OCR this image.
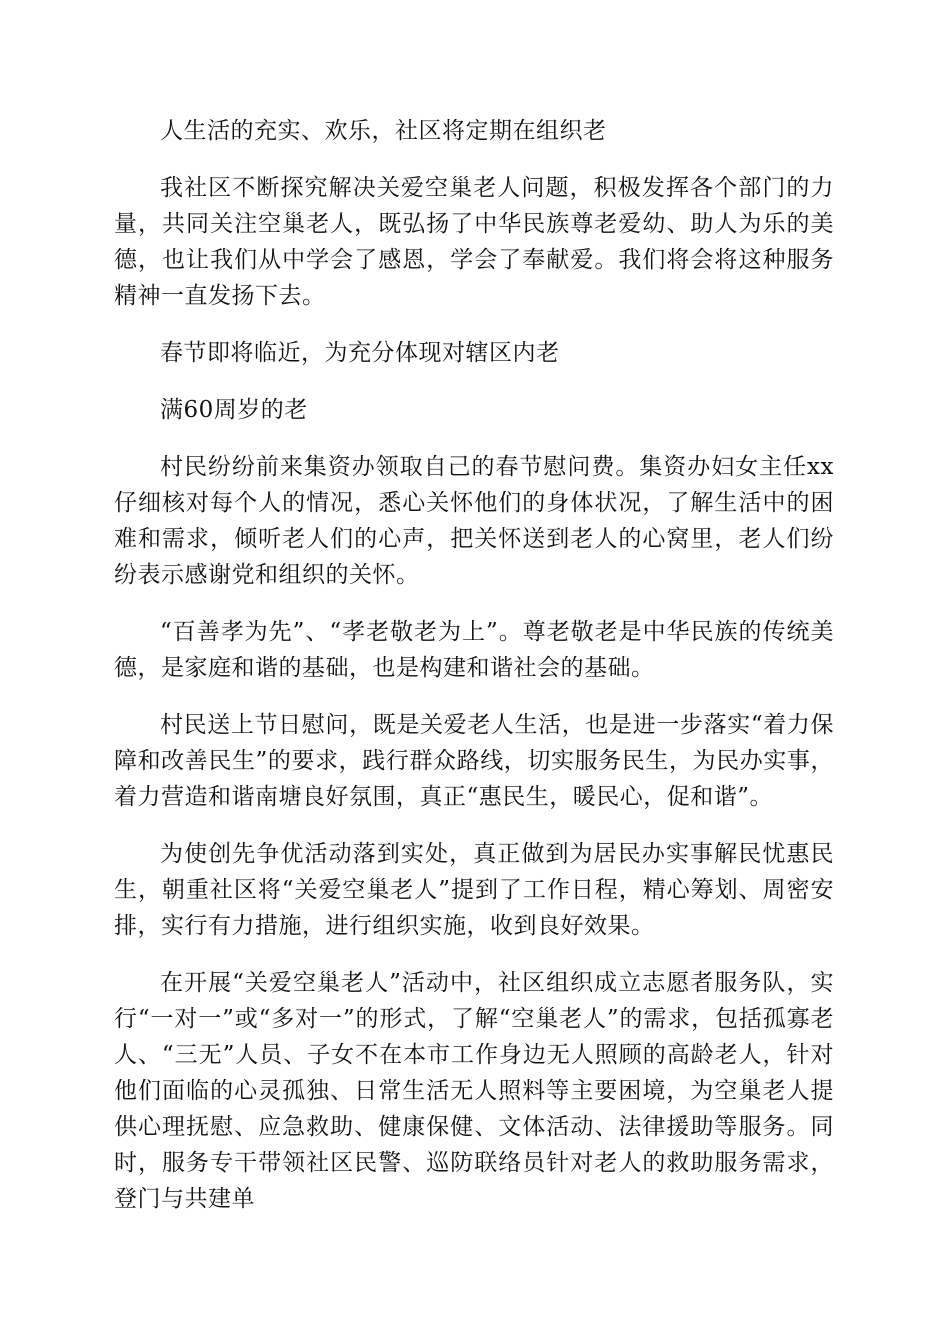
人生活的充实、欢乐，社区将定期在组织老

我社区不断探究解决关爱空巢老人问题，积极发挥各个部门的力量，共同关注空巢老人，既弘扬了中华民族尊老爱幼、助人为乐的美德，也让我们从中学会了感恩，学会了奉献爱。我们将会将这种服务精神一直发扬下去。

春节即将临近，为充分体现对辖区内老

满60周岁的老

村民纷纷前来集资办领取自己的春节慰问费。集资办妇女主任xx仔细核对每个人的情况，悉心关怀他们的身体状况，了解生活中的困难和需求，倾听老人们的心声，把关怀送到老人的心窝里，老人们纷纷表示感谢党和组织的关怀。

“百善孝为先”、“孝老敬老为上”。尊老敬老是中华民族的传统美德，是家庭和谐的基础，也是构建和谐社会的基础。

村民送上节日慰问，既是关爱老人生活，也是进一步落实“着力保障和改善民生”的要求，践行群众路线，切实服务民生，为民办实事，着力营造和谐南塘良好氛围，真正“惠民生，暖民心，促和谐”。

为使创先争优活动落到实处，真正做到为居民办实事解民忧惠民生，朝重社区将“关爱空巢老人”提到了工作日程，精心筹划、周密安排，实行有力措施，进行组织实施，收到良好效果。

在开展“关爱空巢老人”活动中，社区组织成立志愿者服务队，实行“一对一”或“多对一”的形式，了解“空巢老人”的需求，包括孤寡老人、“三无”人员、子女不在本市工作身边无人照顾的高龄老人，针对他们面临的心灵孤独、日常生活无人照料等主要困境，为空巢老人提供心理抚慰、应急救助、健康保健、文体活动、法律援助等服务。同时，服务专干带领社区民警、巡防联络员针对老人的救助服务需求，登门与共建单
